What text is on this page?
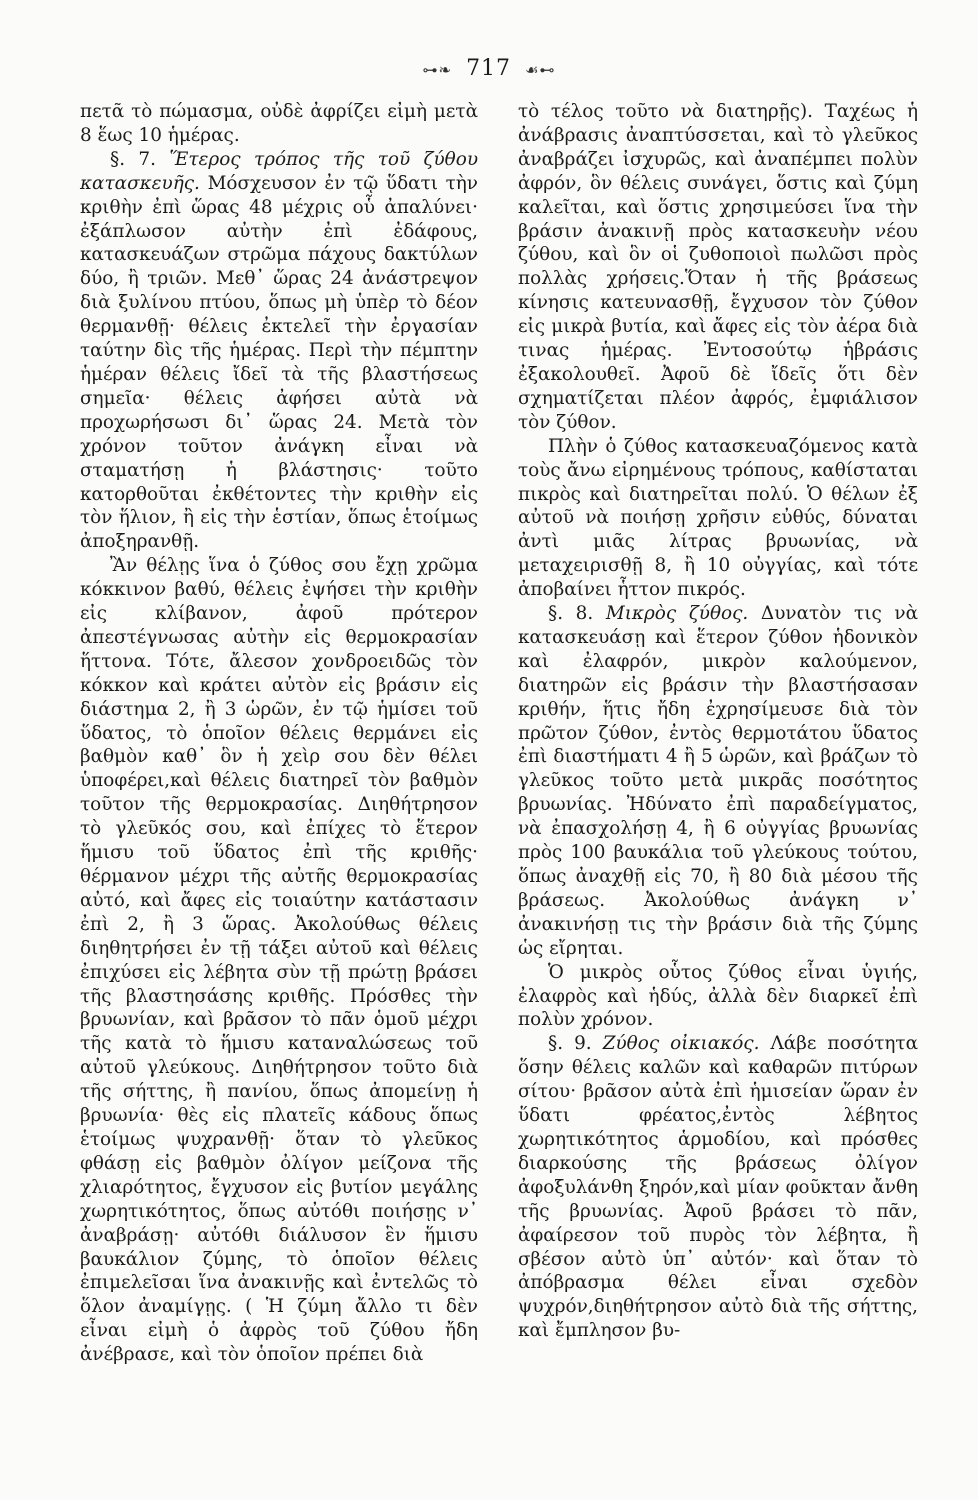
⊶❧ 717 ☙⊷

πετᾶ τὸ πώμασμα, οὐδὲ ἀφρίζει εἰμὴ μετὰ 8 ἕως 10 ἡμέρας.

§. 7. Ἕτερος τρόπος τῆς τοῦ ζύθου κατασκευῆς. Μόσχευσον ἐν τῷ ὕδατι τὴν κριθὴν ἐπὶ ὥρας 48 μέχρις οὗ ἀπαλύνει· ἐξάπλωσον αὐτὴν ἐπὶ ἐδάφους, κατασκευάζων στρῶμα πάχους δακτύλων δύο, ἢ τριῶν. Μεθ᾽ ὥρας 24 ἀνάστρεψον διὰ ξυλίνου πτύου, ὅπως μὴ ὑπὲρ τὸ δέον θερμανθῇ· θέλεις ἐκτελεῖ τὴν ἐργασίαν ταύτην δὶς τῆς ἡμέρας. Περὶ τὴν πέμπτην ἡμέραν θέλεις ἴδεῖ τὰ τῆς βλαστήσεως σημεῖα· θέλεις ἀφήσει αὐτὰ νὰ προχωρήσωσι δι᾽ ὥρας 24. Μετὰ τὸν χρόνον τοῦτον ἀνάγκη εἶναι νὰ σταματήσῃ ἡ βλάστησις· τοῦτο κατορθοῦται ἐκθέτοντες τὴν κριθὴν εἰς τὸν ἥλιον, ἢ εἰς τὴν ἑστίαν, ὅπως ἑτοίμως ἀποξηρανθῇ.

Ἂν θέλῃς ἵνα ὁ ζύθος σου ἔχῃ χρῶμα κόκκινον βαθύ, θέλεις ἐψήσει τὴν κριθὴν εἰς κλίβανον, ἀφοῦ πρότερον ἀπεστέγνωσας αὐτὴν εἰς θερμοκρασίαν ἥττονα. Τότε, ἄλεσον χονδροειδῶς τὸν κόκκον καὶ κράτει αὐτὸν εἰς βράσιν εἰς διάστημα 2, ἢ 3 ὡρῶν, ἐν τῷ ἡμίσει τοῦ ὕδατος, τὸ ὁποῖον θέλεις θερμάνει εἰς βαθμὸν καθ᾽ ὃν ἡ χεὶρ σου δὲν θέλει ὑποφέρει,καὶ θέλεις διατηρεῖ τὸν βαθμὸν τοῦτον τῆς θερμοκρασίας. Διηθήτρησον τὸ γλεῦκός σου, καὶ ἐπίχες τὸ ἕτερον ἥμισυ τοῦ ὕδατος ἐπὶ τῆς κριθῆς· θέρμανον μέχρι τῆς αὐτῆς θερμοκρασίας αὐτό, καὶ ἄφες εἰς τοιαύτην κατάστασιν ἐπὶ 2, ἢ 3 ὥρας. Ἀκολούθως θέλεις διηθητρήσει ἐν τῇ τάξει αὐτοῦ καὶ θέλεις ἐπιχύσει εἰς λέβητα σὺν τῇ πρώτῃ βράσει τῆς βλαστησάσης κριθῆς. Πρόσθες τὴν βρυωνίαν, καὶ βρᾶσον τὸ πᾶν ὁμοῦ μέχρι τῆς κατὰ τὸ ἥμισυ καταναλώσεως τοῦ αὐτοῦ γλεύκους. Διηθήτρησον τοῦτο διὰ τῆς σήττης, ἢ πανίου, ὅπως ἀπομείνῃ ἡ βρυωνία· θὲς εἰς πλατεῖς κάδους ὅπως ἑτοίμως ψυχρανθῇ· ὅταν τὸ γλεῦκος φθάσῃ εἰς βαθμὸν ὀλίγον μείζονα τῆς χλιαρότητος, ἔγχυσον εἰς βυτίον μεγάλης χωρητικότητος, ὅπως αὐτόθι ποιήσῃς ν᾽ ἀναβράσῃ· αὐτόθι διάλυσον ἓν ἥμισυ βαυκάλιον ζύμης, τὸ ὁποῖον θέλεις ἐπιμελεῖσαι ἵνα ἀνακινῇς καὶ ἐντελῶς τὸ ὅλον ἀναμίγῃς. ( Ἡ ζύμη ἄλλο τι δὲν εἶναι εἰμὴ ὁ ἀφρὸς τοῦ ζύθου ἤδη ἀνέβρασε, καὶ τὸν ὁποῖον πρέπει διὰ

τὸ τέλος τοῦτο νὰ διατηρῇς). Ταχέως ἡ ἀνάβρασις ἀναπτύσσεται, καὶ τὸ γλεῦκος ἀναβράζει ἰσχυρῶς, καὶ ἀναπέμπει πολὺν ἀφρόν, ὃν θέλεις συνάγει, ὅστις καὶ ζύμη καλεῖται, καὶ ὅστις χρησιμεύσει ἵνα τὴν βράσιν ἀνακινῇ πρὸς κατασκευὴν νέου ζύθου, καὶ ὃν οἱ ζυθοποιοὶ πωλῶσι πρὸς πολλὰς χρήσεις.Ὅταν ἡ τῆς βράσεως κίνησις κατευνασθῇ, ἔγχυσον τὸν ζύθον εἰς μικρὰ βυτία, καὶ ἄφες εἰς τὸν ἀέρα διὰ τινας ἡμέρας. Ἐντοσούτῳ ἡβράσις ἐξακολουθεῖ. Ἀφοῦ δὲ ἴδεῖς ὅτι δὲν σχηματίζεται πλέον ἀφρός, ἐμφιάλισον τὸν ζύθον.

Πλὴν ὁ ζύθος κατασκευαζόμενος κατὰ τοὺς ἄνω εἰρημένους τρόπους, καθίσταται πικρὸς καὶ διατηρεῖται πολύ. Ὁ θέλων ἐξ αὐτοῦ νὰ ποιήσῃ χρῆσιν εὐθύς, δύναται ἀντὶ μιᾶς λίτρας βρυωνίας, νὰ μεταχειρισθῇ 8, ἢ 10 οὐγγίας, καὶ τότε ἀποβαίνει ἧττον πικρός.

§. 8. Μικρὸς ζύθος. Δυνατὸν τις νὰ κατασκευάσῃ καὶ ἕτερον ζύθον ἡδονικὸν καὶ ἐλαφρόν, μικρὸν καλούμενον, διατηρῶν εἰς βράσιν τὴν βλαστήσασαν κριθήν, ἥτις ἤδη ἐχρησίμευσε διὰ τὸν πρῶτον ζύθον, ἐντὸς θερμοτάτου ὕδατος ἐπὶ διαστήματι 4 ἢ 5 ὡρῶν, καὶ βράζων τὸ γλεῦκος τοῦτο μετὰ μικρᾶς ποσότητος βρυωνίας. Ἠδύνατο ἐπὶ παραδείγματος, νὰ ἐπασχολήσῃ 4, ἢ 6 οὐγγίας βρυωνίας πρὸς 100 βαυκάλια τοῦ γλεύκους τούτου, ὅπως ἀναχθῇ εἰς 70, ἢ 80 διὰ μέσου τῆς βράσεως. Ἀκολούθως ἀνάγκη ν᾽ ἀνακινήσῃ τις τὴν βράσιν διὰ τῆς ζύμης ὡς εἴρηται.

Ὁ μικρὸς οὗτος ζύθος εἶναι ὑγιής, ἐλαφρὸς καὶ ἡδύς, ἀλλὰ δὲν διαρκεῖ ἐπὶ πολὺν χρόνον.

§. 9. Ζύθος οἰκιακός. Λάβε ποσότητα ὅσην θέλεις καλῶν καὶ καθαρῶν πιτύρων σίτου· βρᾶσον αὐτὰ ἐπὶ ἡμισείαν ὥραν ἐν ὕδατι φρέατος,ἐντὸς λέβητος χωρητικότητος ἁρμοδίου, καὶ πρόσθες διαρκούσης τῆς βράσεως ὀλίγον ἀφοξυλάνθη ξηρόν,καὶ μίαν φοῦκταν ἄνθη τῆς βρυωνίας. Ἀφοῦ βράσει τὸ πᾶν, ἀφαίρεσον τοῦ πυρὸς τὸν λέβητα, ἢ σβέσον αὐτὸ ὑπ᾽ αὐτόν· καὶ ὅταν τὸ ἀπόβρασμα θέλει εἶναι σχεδὸν ψυχρόν,διηθήτρησον αὐτὸ διὰ τῆς σήττης, καὶ ἔμπλησον βυ-
